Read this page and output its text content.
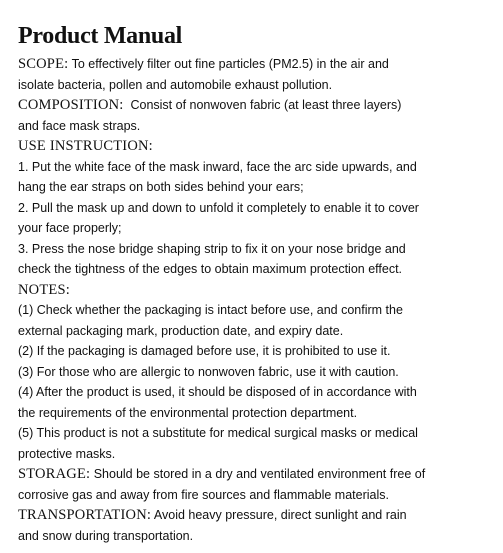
Product Manual
SCOPE: To effectively filter out fine particles (PM2.5) in the air and
isolate bacteria, pollen and automobile exhaust pollution.
COMPOSITION:  Consist of nonwoven fabric (at least three layers)
and face mask straps.
USE INSTRUCTION:
1. Put the white face of the mask inward, face the arc side upwards, and
hang the ear straps on both sides behind your ears;
2. Pull the mask up and down to unfold it completely to enable it to cover
your face properly;
3. Press the nose bridge shaping strip to fix it on your nose bridge and
check the tightness of the edges to obtain maximum protection effect.
NOTES:
(1) Check whether the packaging is intact before use, and confirm the
external packaging mark, production date, and expiry date.
(2) If the packaging is damaged before use, it is prohibited to use it.
(3) For those who are allergic to nonwoven fabric, use it with caution.
(4) After the product is used, it should be disposed of in accordance with
the requirements of the environmental protection department.
(5) This product is not a substitute for medical surgical masks or medical
protective masks.
STORAGE: Should be stored in a dry and ventilated environment free of
corrosive gas and away from fire sources and flammable materials.
TRANSPORTATION: Avoid heavy pressure, direct sunlight and rain
and snow during transportation.
